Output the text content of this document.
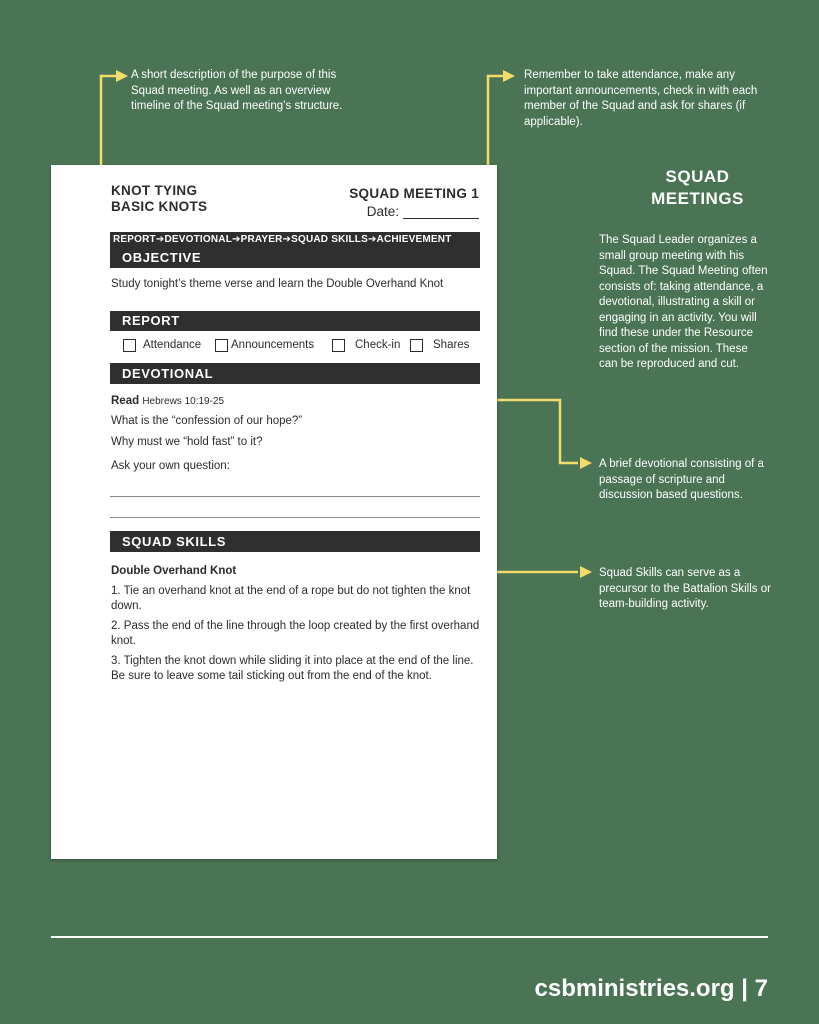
A short description of the purpose of this Squad meeting. As well as an overview timeline of the Squad meeting’s structure.
Remember to take attendance, make any important announcements, check in with each member of the Squad and ask for shares (if applicable).
A brief devotional consisting of a passage of scripture and discussion based questions.
Squad Skills can serve as a precursor to the Battalion Skills or team-building activity.
SQUAD
MEETINGS
The Squad Leader organizes a small group meeting with his Squad. The Squad Meeting often consists of: taking attendance, a devotional, illustrating a skill or engaging in an activity. You will find these under the Resource section of the mission. These can be reproduced and cut.
KNOT TYING
BASIC KNOTS
SQUAD MEETING 1
Date:
REPORT➔DEVOTIONAL➔PRAYER➔SQUAD SKILLS➔ACHIEVEMENT
OBJECTIVE
Study tonight’s theme verse and learn the Double Overhand Knot
REPORT
Attendance	Announcements	Check-in	Shares
DEVOTIONAL
Read Hebrews 10:19-25
What is the “confession of our hope?”
Why must we “hold fast” to it?
Ask your own question:
SQUAD SKILLS
Double Overhand Knot
1. Tie an overhand knot at the end of a rope but do not tighten the knot down.
2. Pass the end of the line through the loop created by the first overhand knot.
3. Tighten the knot down while sliding it into place at the end of the line. Be sure to leave some tail sticking out from the end of the knot.
csbministries.org | 7
